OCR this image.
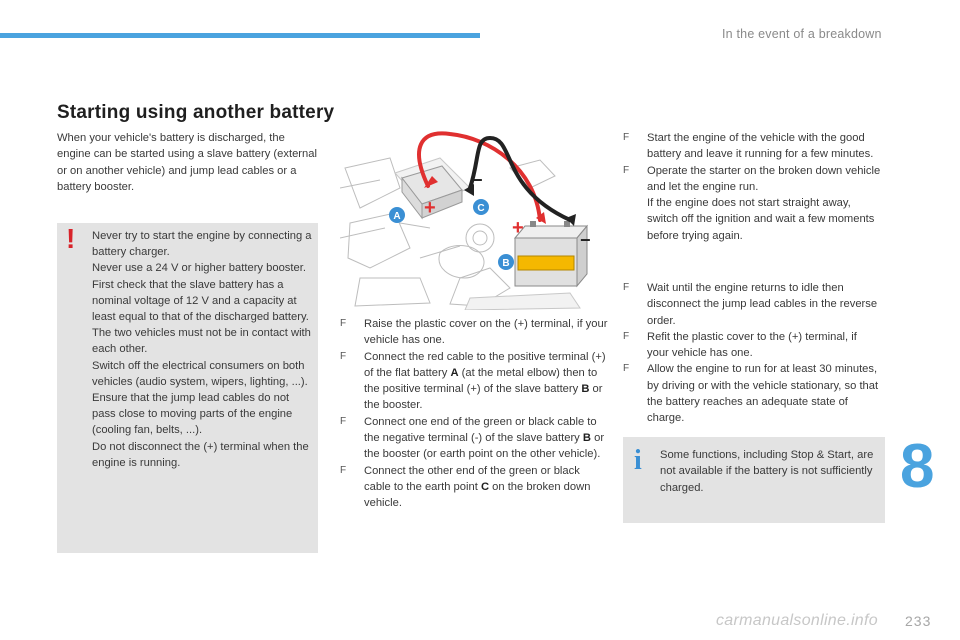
In the event of a breakdown
Starting using another battery

When your vehicle's battery is discharged, the engine can be started using a slave battery (external or on another vehicle) and jump lead cables or a battery booster.

! Never try to start the engine by connecting a battery charger.
Never use a 24 V or higher battery booster.
First check that the slave battery has a nominal voltage of 12 V and a capacity at least equal to that of the discharged battery.
The two vehicles must not be in contact with each other.
Switch off the electrical consumers on both vehicles (audio system, wipers, lighting, ...).
Ensure that the jump lead cables do not pass close to moving parts of the engine (cooling fan, belts, ...).
Do not disconnect the (+) terminal when the engine is running.
+
−
+
−
A
C
B
F	Raise the plastic cover on the (+) terminal, if your vehicle has one.
F	Connect the red cable to the positive terminal (+) of the flat battery A (at the metal elbow) then to the positive terminal (+) of the slave battery B or the booster.
F	Connect one end of the green or black cable to the negative terminal (-) of the slave battery B or the booster (or earth point on the other vehicle).
F	Connect the other end of the green or black cable to the earth point C on the broken down vehicle.
F	Start the engine of the vehicle with the good battery and leave it running for a few minutes.
F	Operate the starter on the broken down vehicle and let the engine run.
If the engine does not start straight away, switch off the ignition and wait a few moments before trying again.
F	Wait until the engine returns to idle then disconnect the jump lead cables in the reverse order.
F	Refit the plastic cover to the (+) terminal, if your vehicle has one.
F	Allow the engine to run for at least 30 minutes, by driving or with the vehicle stationary, so that the battery reaches an adequate state of charge.
i Some functions, including Stop & Start, are not available if the battery is not sufficiently charged.	8
233
carmanualsonline.info
